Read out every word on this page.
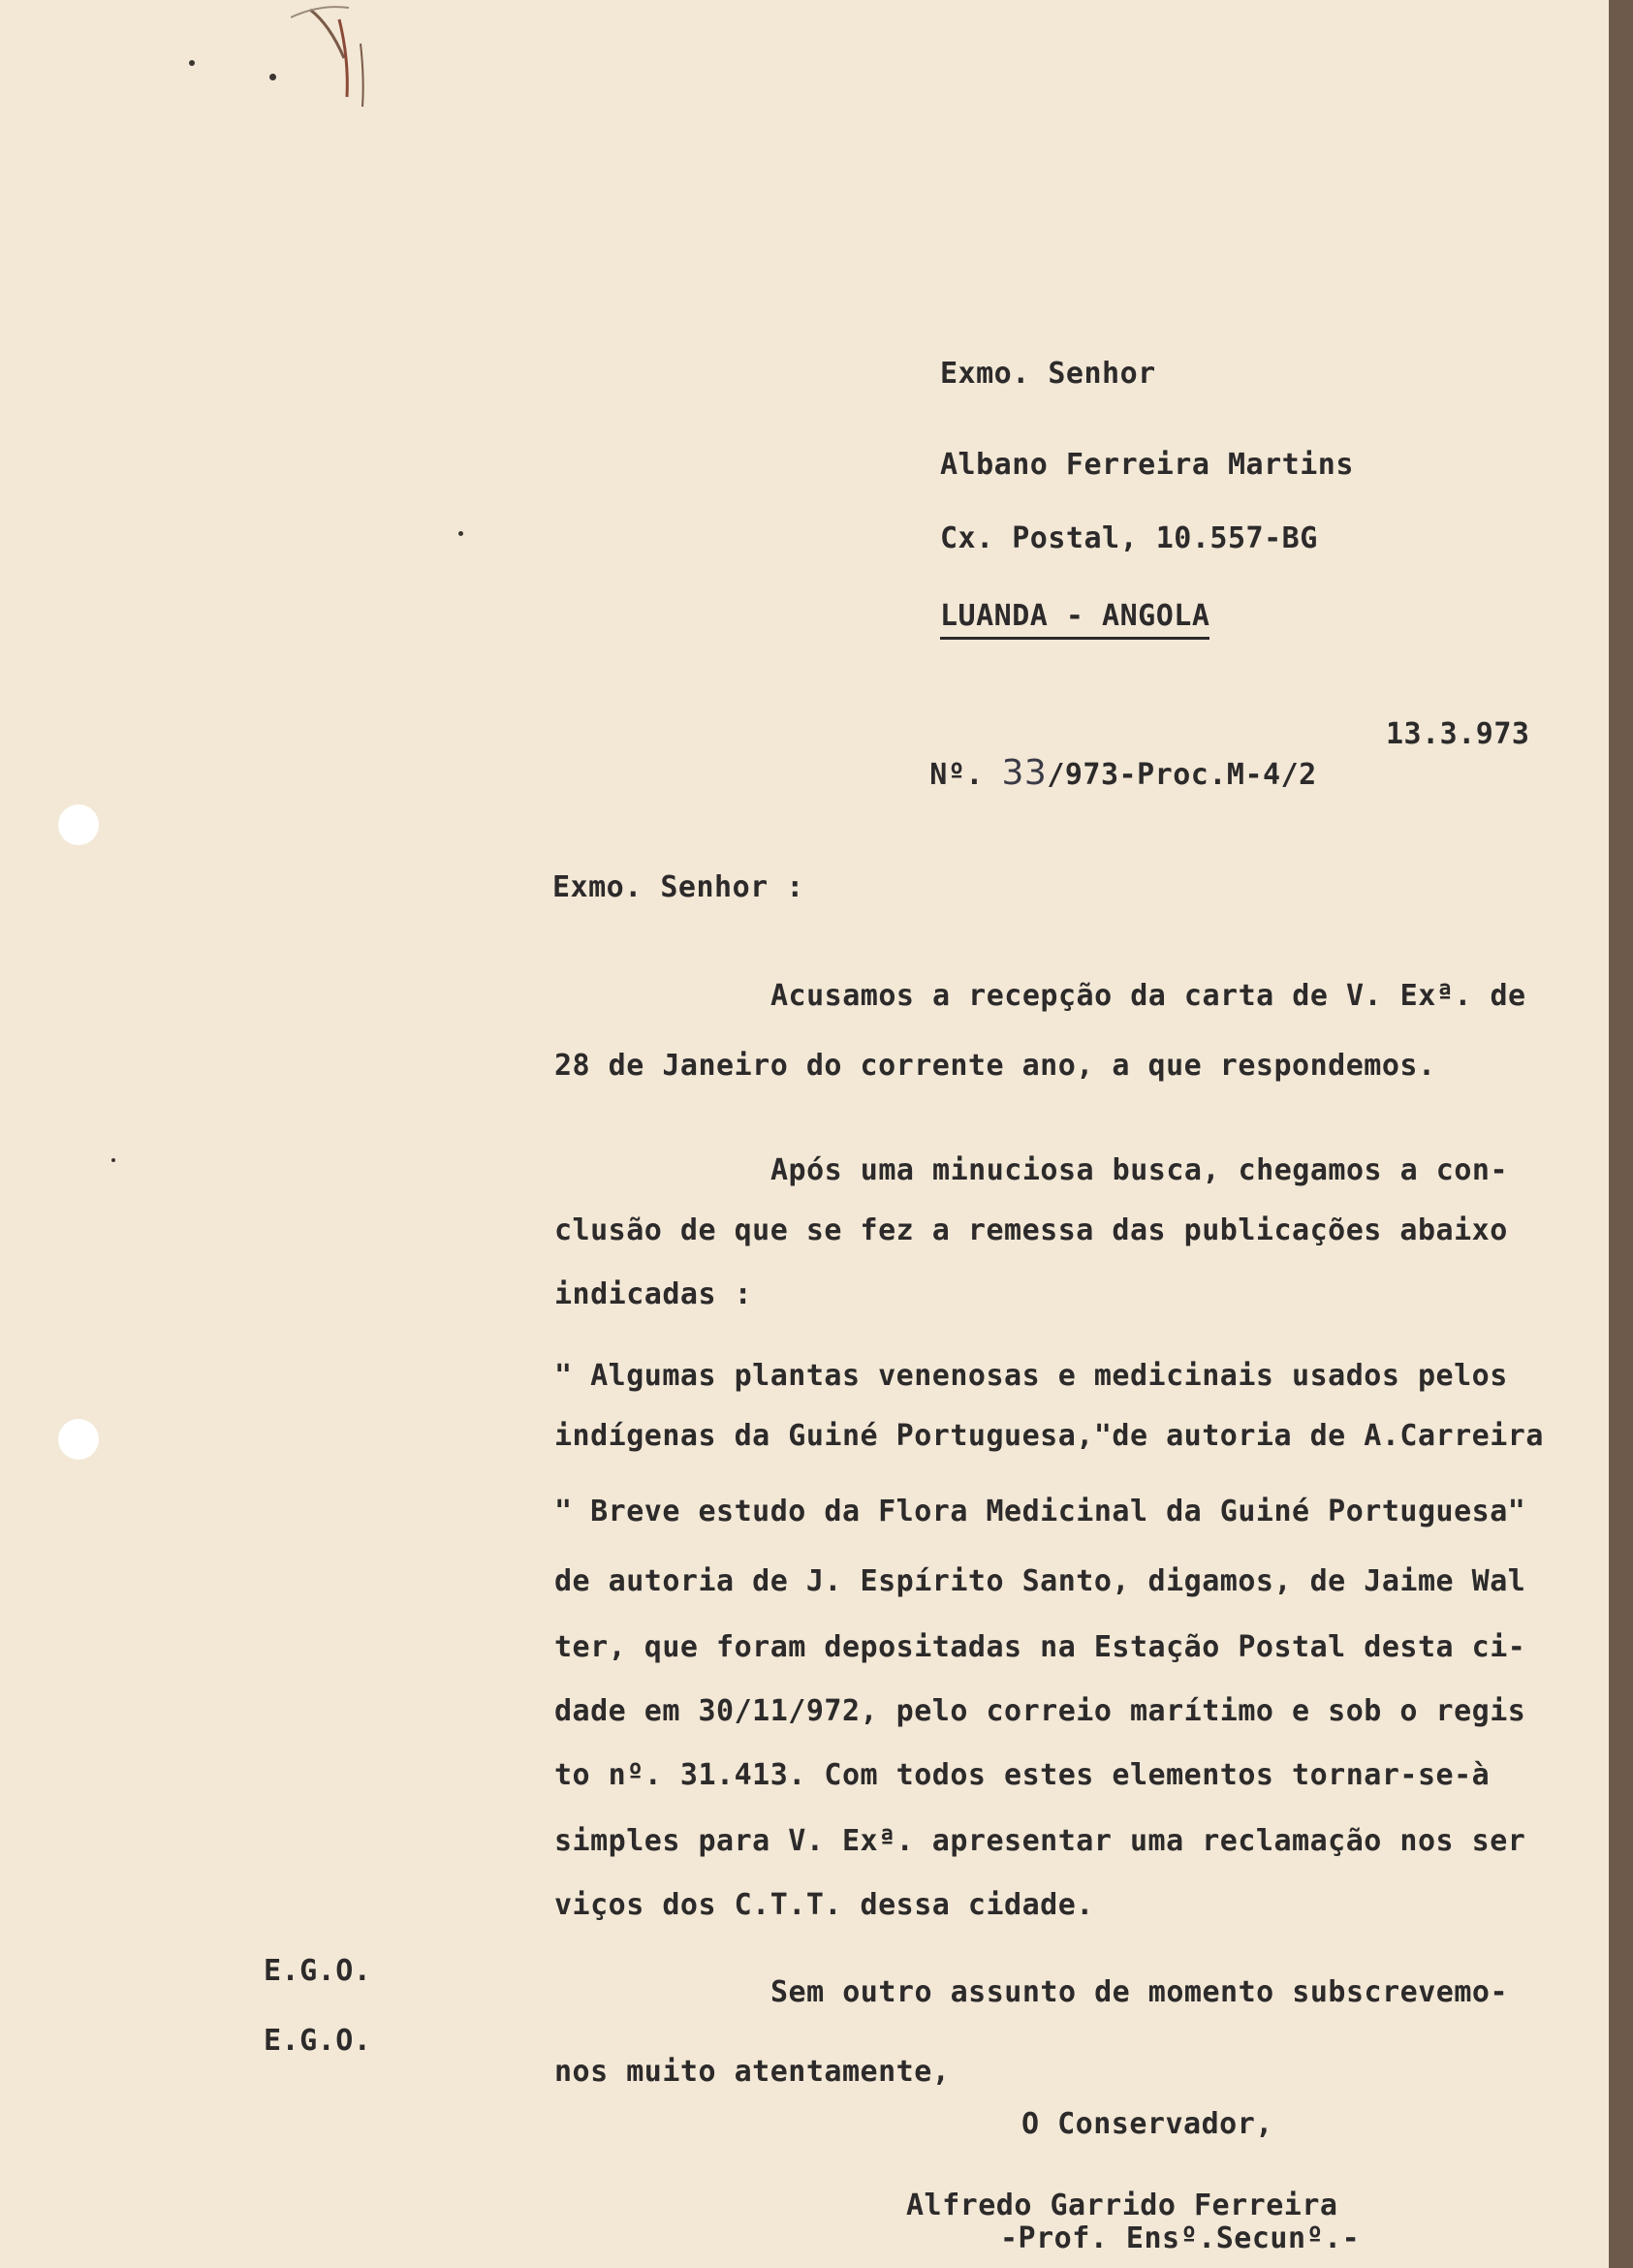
Exmo. Senhor
Albano Ferreira Martins
Cx. Postal, 10.557-BG
LUANDA - ANGOLA

Nº. 33/973-Proc.M-4/2

13.3.973
Exmo. Senhor :
Acusamos a recepção da carta de V. Exª. de
28 de Janeiro do corrente ano, a que respondemos.
Após uma minuciosa busca, chegamos a con-
clusão de que se fez a remessa das publicações abaixo
indicadas :
" Algumas plantas venenosas e medicinais usados pelos
indígenas da Guiné Portuguesa,"de autoria de A.Carreira
" Breve estudo da Flora Medicinal da Guiné Portuguesa"
de autoria de J. Espírito Santo, digamos, de Jaime Wal
ter, que foram depositadas na Estação Postal desta ci-
dade em 30/11/972, pelo correio marítimo e sob o regis
to nº. 31.413. Com todos estes elementos tornar-se-à
simples para V. Exª. apresentar uma reclamação nos ser
viços dos C.T.T. dessa cidade.
E.G.O.
E.G.O.
Sem outro assunto de momento subscrevemo-
nos muito atentamente,
O Conservador,
Alfredo Garrido Ferreira
-Prof. Ensº.Secunº.-
